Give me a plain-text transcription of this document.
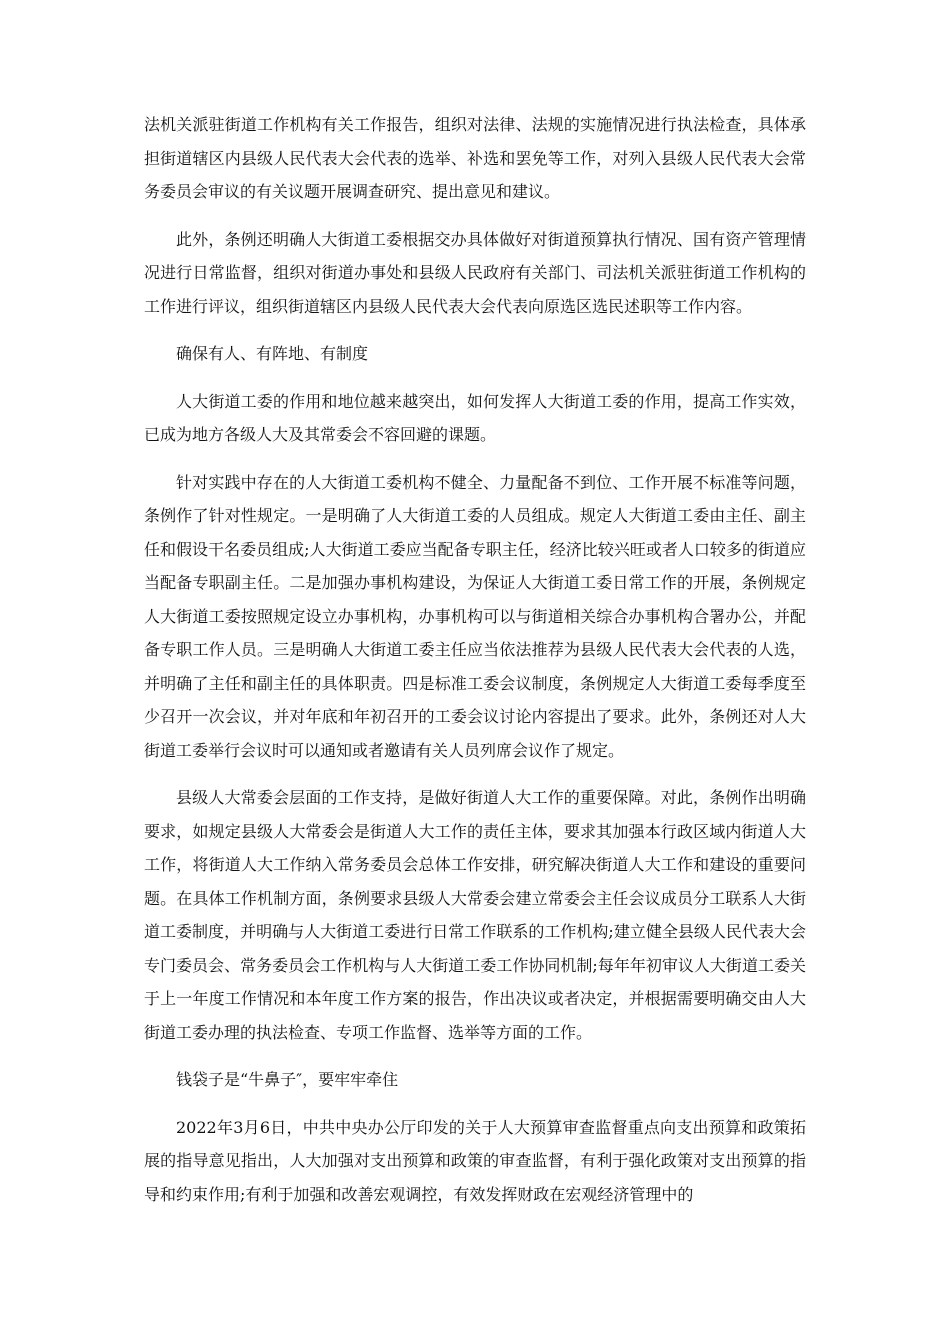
法机关派驻街道工作机构有关工作报告，组织对法律、法规的实施情况进行执法检查，具体承担街道辖区内县级人民代表大会代表的选举、补选和罢免等工作，对列入县级人民代表大会常务委员会审议的有关议题开展调查研究、提出意见和建议。

此外，条例还明确人大街道工委根据交办具体做好对街道预算执行情况、国有资产管理情况进行日常监督，组织对街道办事处和县级人民政府有关部门、司法机关派驻街道工作机构的工作进行评议，组织街道辖区内县级人民代表大会代表向原选区选民述职等工作内容。

确保有人、有阵地、有制度

人大街道工委的作用和地位越来越突出，如何发挥人大街道工委的作用，提高工作实效，已成为地方各级人大及其常委会不容回避的课题。

针对实践中存在的人大街道工委机构不健全、力量配备不到位、工作开展不标准等问题，条例作了针对性规定。一是明确了人大街道工委的人员组成。规定人大街道工委由主任、副主任和假设干名委员组成;人大街道工委应当配备专职主任，经济比较兴旺或者人口较多的街道应当配备专职副主任。二是加强办事机构建设，为保证人大街道工委日常工作的开展，条例规定人大街道工委按照规定设立办事机构，办事机构可以与街道相关综合办事机构合署办公，并配备专职工作人员。三是明确人大街道工委主任应当依法推荐为县级人民代表大会代表的人选，并明确了主任和副主任的具体职责。四是标准工委会议制度，条例规定人大街道工委每季度至少召开一次会议，并对年底和年初召开的工委会议讨论内容提出了要求。此外，条例还对人大街道工委举行会议时可以通知或者邀请有关人员列席会议作了规定。

县级人大常委会层面的工作支持，是做好街道人大工作的重要保障。对此，条例作出明确要求，如规定县级人大常委会是街道人大工作的责任主体，要求其加强本行政区域内街道人大工作，将街道人大工作纳入常务委员会总体工作安排，研究解决街道人大工作和建设的重要问题。在具体工作机制方面，条例要求县级人大常委会建立常委会主任会议成员分工联系人大街道工委制度，并明确与人大街道工委进行日常工作联系的工作机构;建立健全县级人民代表大会专门委员会、常务委员会工作机构与人大街道工委工作协同机制;每年年初审议人大街道工委关于上一年度工作情况和本年度工作方案的报告，作出决议或者决定，并根据需要明确交由人大街道工委办理的执法检查、专项工作监督、选举等方面的工作。

钱袋子是“牛鼻子″，要牢牢牵住

2022年3月6日，中共中央办公厅印发的关于人大预算审查监督重点向支出预算和政策拓展的指导意见指出，人大加强对支出预算和政策的审查监督，有利于强化政策对支出预算的指导和约束作用;有利于加强和改善宏观调控，有效发挥财政在宏观经济管理中的
